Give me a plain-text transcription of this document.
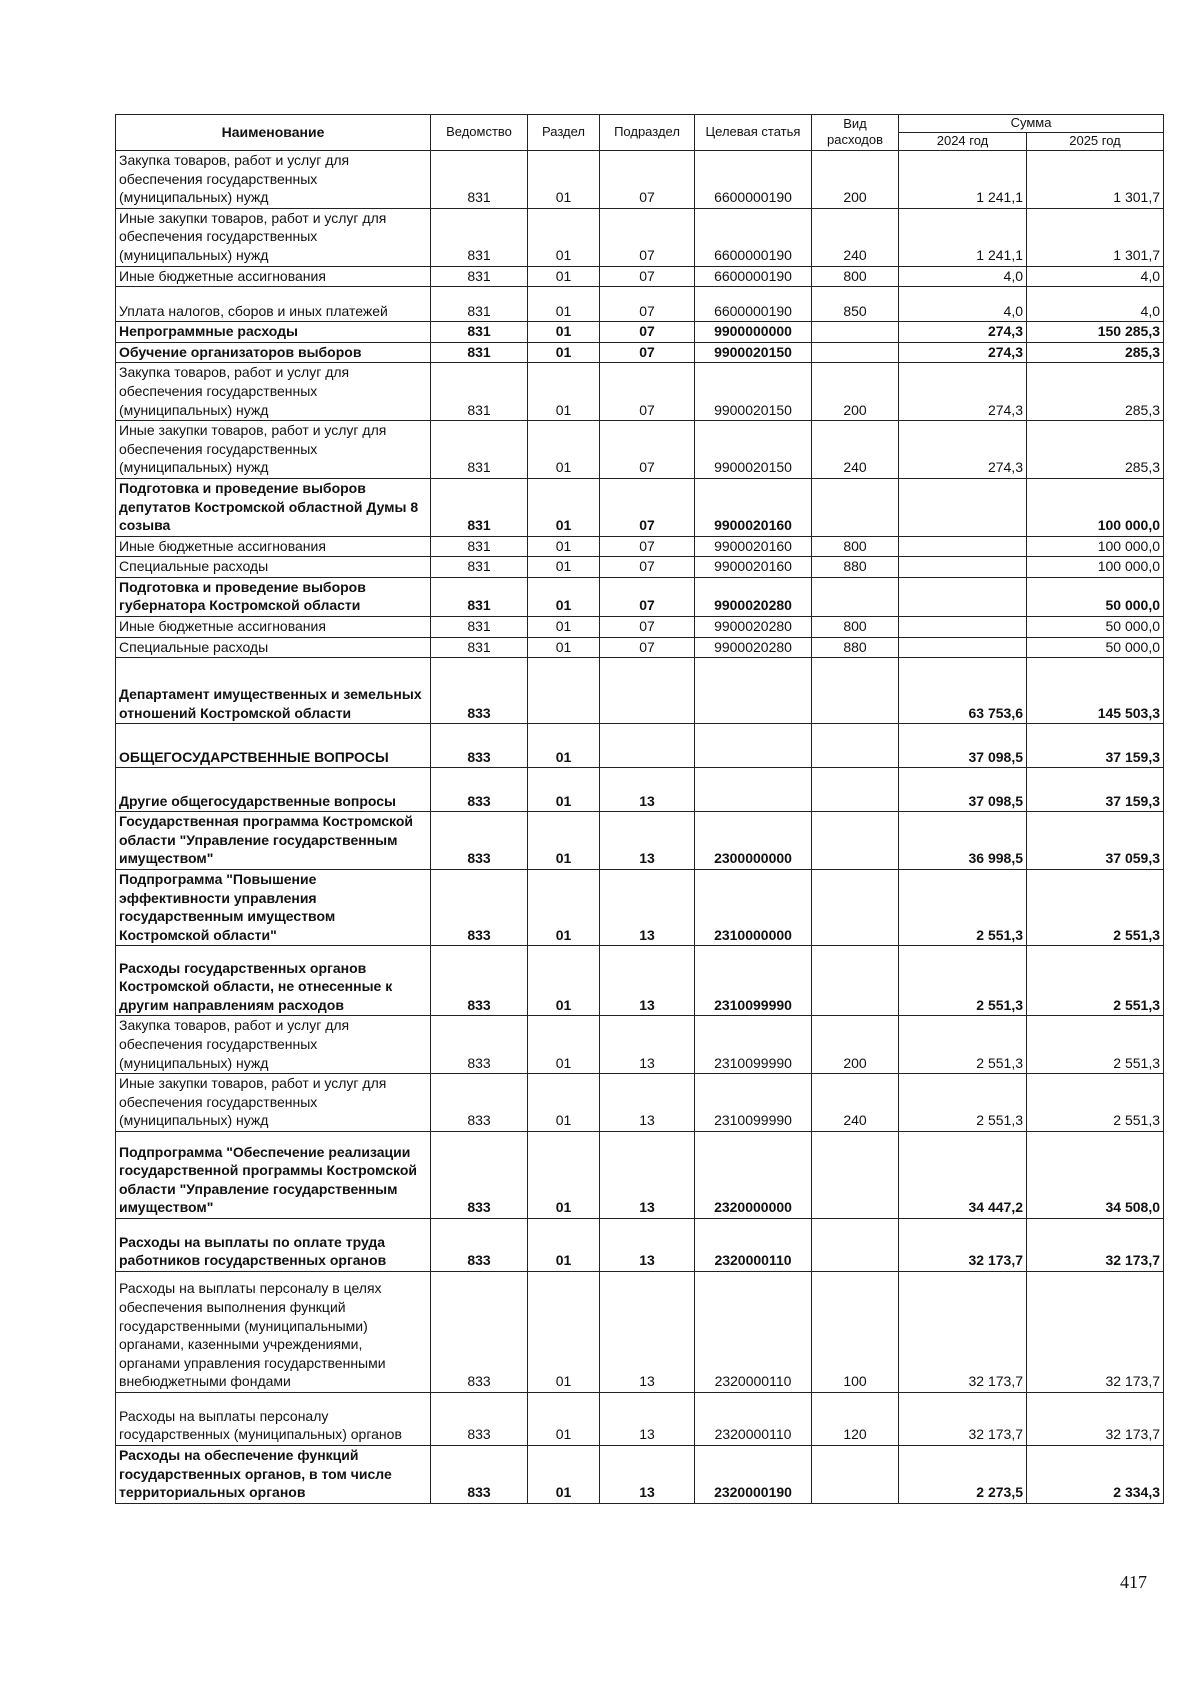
Наименование	Ведомство	Раздел	Подраздел	Целевая статья	Вид расходов	Сумма	
						2024 год	2025 год
Закупка товаров, работ и услуг для обеспечения государственных (муниципальных) нужд	831	01	07	6600000190	200	1 241,1	1 301,7
Иные закупки товаров, работ и услуг для обеспечения государственных (муниципальных) нужд	831	01	07	6600000190	240	1 241,1	1 301,7
Иные бюджетные ассигнования	831	01	07	6600000190	800	4,0	4,0
Уплата налогов, сборов и иных платежей	831	01	07	6600000190	850	4,0	4,0
Непрограммные расходы	831	01	07	9900000000		274,3	150 285,3
Обучение организаторов выборов	831	01	07	9900020150		274,3	285,3
Закупка товаров, работ и услуг для обеспечения государственных (муниципальных) нужд	831	01	07	9900020150	200	274,3	285,3
Иные закупки товаров, работ и услуг для обеспечения государственных (муниципальных) нужд	831	01	07	9900020150	240	274,3	285,3
Подготовка и проведение выборов депутатов Костромской областной Думы 8 созыва	831	01	07	9900020160			100 000,0
Иные бюджетные ассигнования	831	01	07	9900020160	800		100 000,0
Специальные расходы	831	01	07	9900020160	880		100 000,0
Подготовка и проведение выборов губернатора Костромской области	831	01	07	9900020280			50 000,0
Иные бюджетные ассигнования	831	01	07	9900020280	800		50 000,0
Специальные расходы	831	01	07	9900020280	880		50 000,0
Департамент имущественных и земельных отношений Костромской области	833					63 753,6	145 503,3
ОБЩЕГОСУДАРСТВЕННЫЕ ВОПРОСЫ	833	01				37 098,5	37 159,3
Другие общегосударственные вопросы	833	01	13			37 098,5	37 159,3
Государственная программа Костромской области "Управление государственным имуществом"	833	01	13	2300000000		36 998,5	37 059,3
Подпрограмма "Повышение эффективности управления государственным имуществом Костромской области"	833	01	13	2310000000		2 551,3	2 551,3
Расходы государственных органов Костромской области, не отнесенные к другим направлениям расходов	833	01	13	2310099990		2 551,3	2 551,3
Закупка товаров, работ и услуг для обеспечения государственных (муниципальных) нужд	833	01	13	2310099990	200	2 551,3	2 551,3
Иные закупки товаров, работ и услуг для обеспечения государственных (муниципальных) нужд	833	01	13	2310099990	240	2 551,3	2 551,3
Подпрограмма "Обеспечение реализации государственной программы Костромской области "Управление государственным имуществом"	833	01	13	2320000000		34 447,2	34 508,0
Расходы на выплаты по оплате труда работников государственных органов	833	01	13	2320000110		32 173,7	32 173,7
Расходы на выплаты персоналу в целях обеспечения выполнения функций государственными (муниципальными) органами, казенными учреждениями, органами управления государственными внебюджетными фондами	833	01	13	2320000110	100	32 173,7	32 173,7
Расходы на выплаты персоналу государственных (муниципальных) органов	833	01	13	2320000110	120	32 173,7	32 173,7
Расходы на обеспечение функций государственных органов, в том числе территориальных органов	833	01	13	2320000190		2 273,5	2 334,3
417
